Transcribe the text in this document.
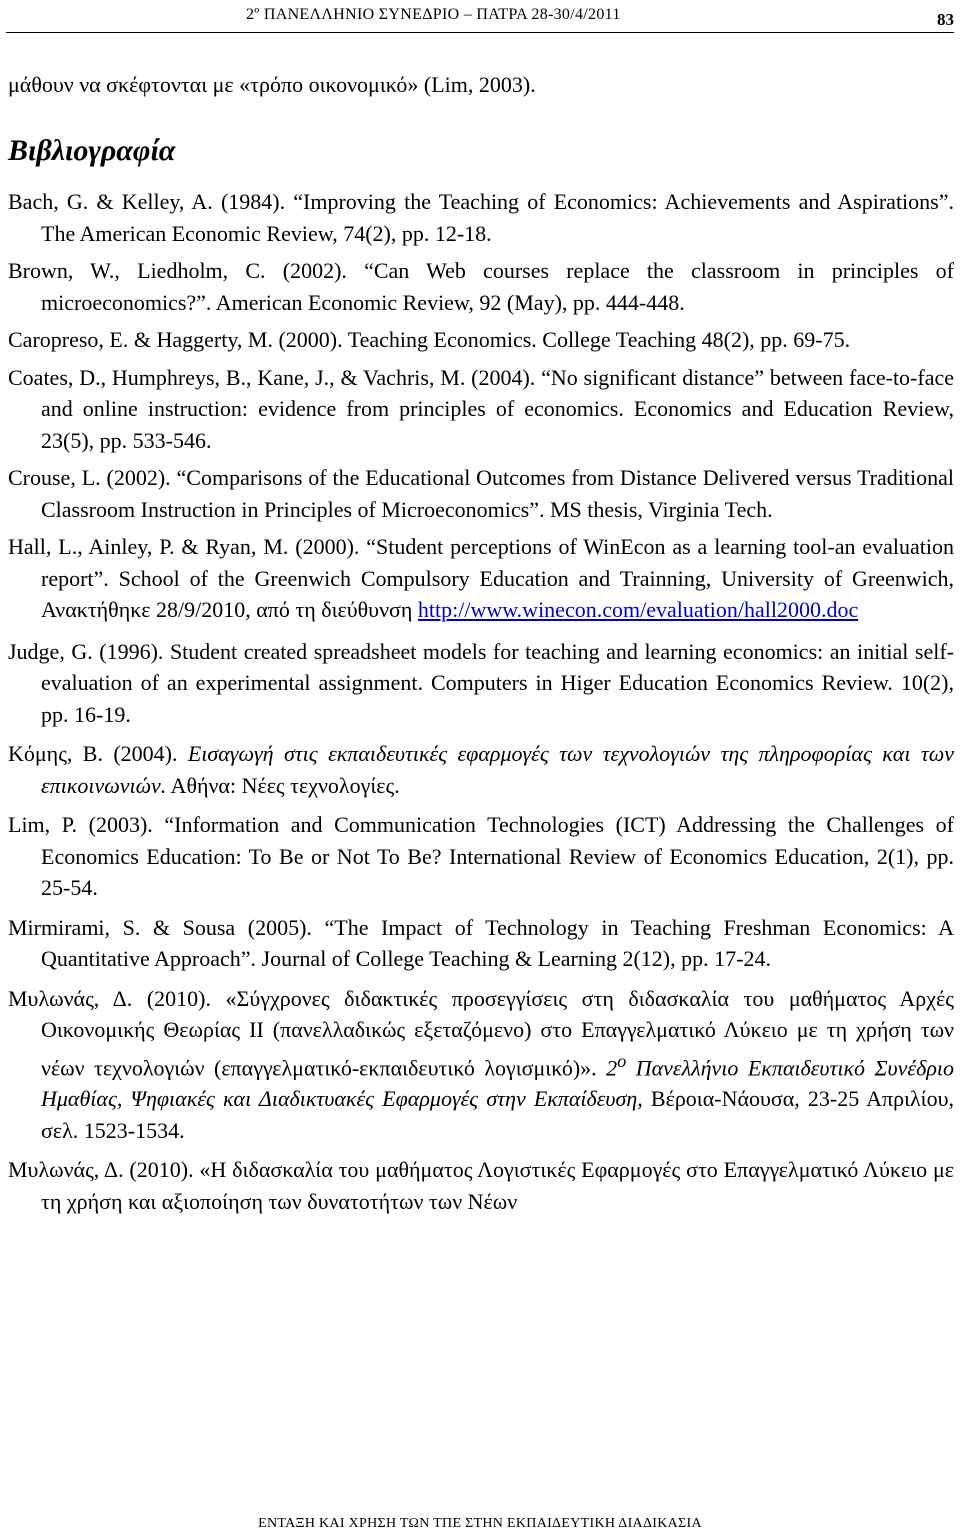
2º ΠΑΝΕΛΛΗΝΙΟ ΣΥΝΕΔΡΙΟ – ΠΑΤΡΑ 28-30/4/2011	83

μάθουν να σκέφτονται με «τρόπο οικονομικό» (Lim, 2003).

Βιβλιογραφία
Bach, G. & Kelley, A. (1984). “Improving the Teaching of Economics: Achievements and Aspirations”. The American Economic Review, 74(2), pp. 12-18.
Brown, W., Liedholm, C. (2002). “Can Web courses replace the classroom in principles of microeconomics?”. American Economic Review, 92 (May), pp. 444-448.
Caropreso, E. & Haggerty, M. (2000). Teaching Economics. College Teaching 48(2), pp. 69-75.
Coates, D., Humphreys, B., Kane, J., & Vachris, M. (2004). “No significant distance” between face-to-face and online instruction: evidence from principles of economics. Economics and Education Review, 23(5), pp. 533-546.
Crouse, L. (2002). “Comparisons of the Educational Outcomes from Distance Delivered versus Traditional Classroom Instruction in Principles of Microeconomics”. MS thesis, Virginia Tech.
Hall, L., Ainley, P. & Ryan, M. (2000). “Student perceptions of WinEcon as a learning tool-an evaluation report”. School of the Greenwich Compulsory Education and Trainning, University of Greenwich, Ανακτήθηκε 28/9/2010, από τη διεύθυνση http://www.winecon.com/evaluation/hall2000.doc
Judge, G. (1996). Student created spreadsheet models for teaching and learning economics: an initial self-evaluation of an experimental assignment. Computers in Higer Education Economics Review. 10(2), pp. 16-19.
Κόμης, Β. (2004). Εισαγωγή στις εκπαιδευτικές εφαρμογές των τεχνολογιών της πληροφορίας και των επικοινωνιών. Αθήνα: Νέες τεχνολογίες.
Lim, P. (2003). “Information and Communication Technologies (ICT) Addressing the Challenges of Economics Education: To Be or Not To Be? International Review of Economics Education, 2(1), pp. 25-54.
Mirmirami, S. & Sousa (2005). “The Impact of Technology in Teaching Freshman Economics: A Quantitative Approach”. Journal of College Teaching & Learning 2(12), pp. 17-24.
Μυλωνάς, Δ. (2010). «Σύγχρονες διδακτικές προσεγγίσεις στη διδασκαλία του μαθήματος Αρχές Οικονομικής Θεωρίας ΙΙ (πανελλαδικώς εξεταζόμενο) στο Επαγγελματικό Λύκειο με τη χρήση των νέων τεχνολογιών (επαγγελματικό-εκπαιδευτικό λογισμικό)». $2^o$ Πανελλήνιο Εκπαιδευτικό Συνέδριο Ημαθίας, Ψηφιακές και Διαδικτυακές Εφαρμογές στην Εκπαίδευση, Βέροια-Νάουσα, 23-25 Απριλίου, σελ. 1523-1534.
Μυλωνάς, Δ. (2010). «Η διδασκαλία του μαθήματος Λογιστικές Εφαρμογές στο Επαγγελματικό Λύκειο με τη χρήση και αξιοποίηση των δυνατοτήτων των Νέων
ΕΝΤΑΞΗ ΚΑΙ ΧΡΗΣΗ ΤΩΝ ΤΠΕ ΣΤΗΝ ΕΚΠΑΙΔΕΥΤΙΚΗ ΔΙΑΔΙΚΑΣΙΑ
